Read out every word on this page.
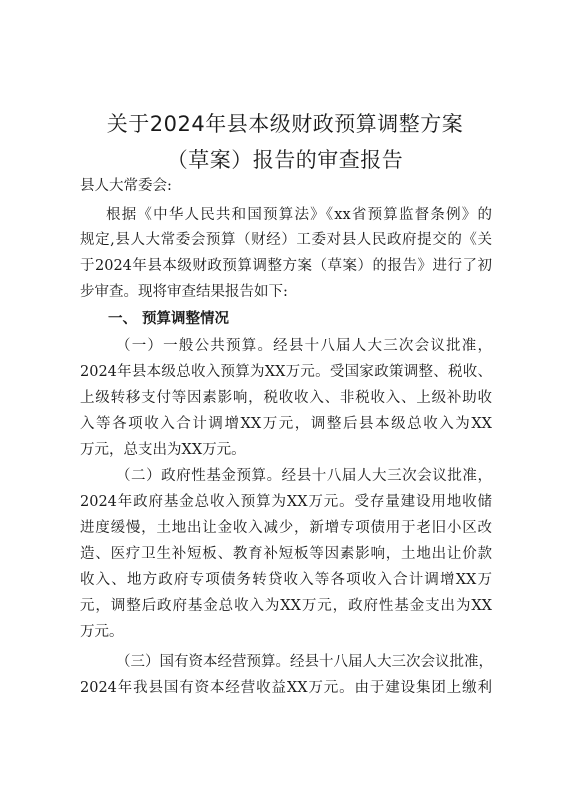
关于2024年县本级财政预算调整方案
（草案）报告的审查报告
县人大常委会:
根据《中华人民共和国预算法》《xx省预算监督条例》的
规定,县人大常委会预算（财经）工委对县人民政府提交的《关
于2024年县本级财政预算调整方案（草案）的报告》进行了初
步审查。现将审查结果报告如下:
一、 预算调整情况
（一）一般公共预算。经县十八届人大三次会议批准，
2024年县本级总收入预算为XX万元。受国家政策调整、税收、
上级转移支付等因素影响，税收收入、非税收入、上级补助收
入等各项收入合计调增XX万元，调整后县本级总收入为XX
万元，总支出为XX万元。
（二）政府性基金预算。经县十八届人大三次会议批准，
2024年政府基金总收入预算为XX万元。受存量建设用地收储
进度缓慢，土地出让金收入减少，新增专项债用于老旧小区改
造、医疗卫生补短板、教育补短板等因素影响，土地出让价款
收入、地方政府专项债务转贷收入等各项收入合计调增XX万
元，调整后政府基金总收入为XX万元，政府性基金支出为XX
万元。
（三）国有资本经营预算。经县十八届人大三次会议批准，
2024年我县国有资本经营收益XX万元。由于建设集团上缴利
